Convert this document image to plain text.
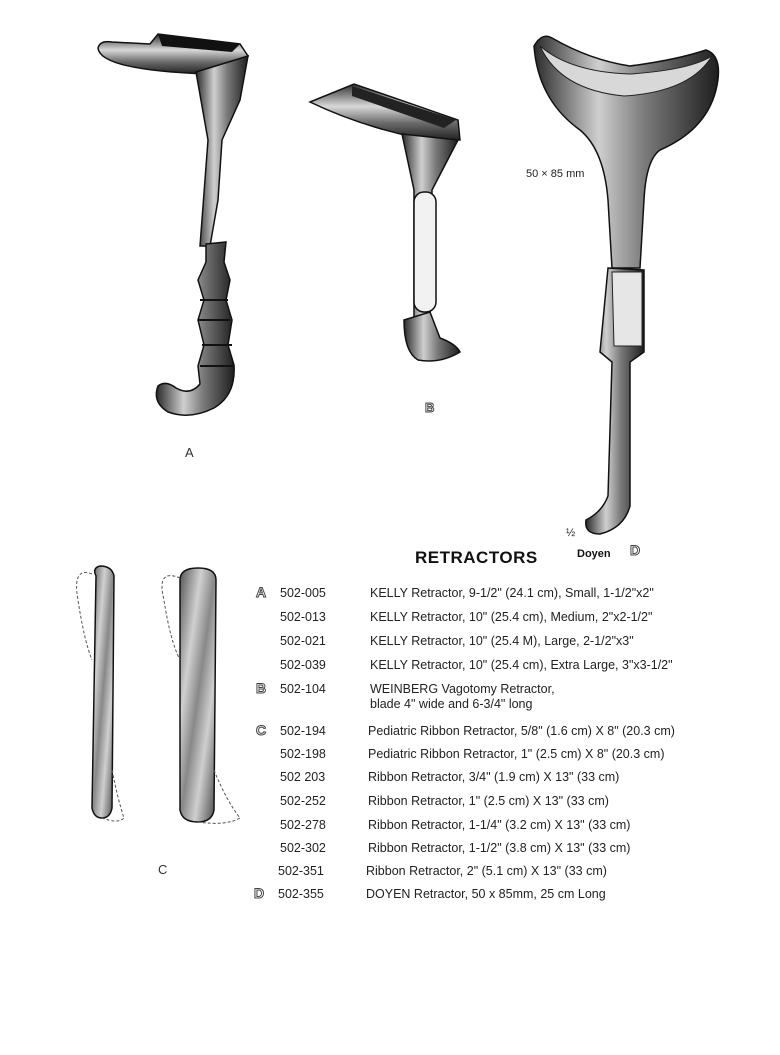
A
B
C
D
½
Doyen
50 × 85 mm
RETRACTORS
A 502-005	KELLY Retractor, 9-1/2" (24.1 cm), Small, 1-1/2"x2"
502-013	KELLY Retractor, 10" (25.4 cm), Medium, 2"x2-1/2"
502-021	KELLY Retractor, 10" (25.4 M), Large, 2-1/2"x3"
502-039	KELLY Retractor, 10" (25.4 cm), Extra Large, 3"x3-1/2"
B 502-104	WEINBERG Vagotomy Retractor,
blade 4" wide and 6-3/4" long
C 502-194	Pediatric Ribbon Retractor, 5/8" (1.6 cm) X 8" (20.3 cm)
502-198	Pediatric Ribbon Retractor, 1" (2.5 cm) X 8" (20.3 cm)
502 203	Ribbon Retractor, 3/4" (1.9 cm) X 13" (33 cm)
502-252	Ribbon Retractor, 1" (2.5 cm) X 13" (33 cm)
502-278	Ribbon Retractor, 1-1/4" (3.2 cm) X 13" (33 cm)
502-302	Ribbon Retractor, 1-1/2" (3.8 cm) X 13" (33 cm)
502-351	Ribbon Retractor, 2" (5.1 cm) X 13" (33 cm)
D 502-355	DOYEN Retractor, 50 x 85mm, 25 cm Long
